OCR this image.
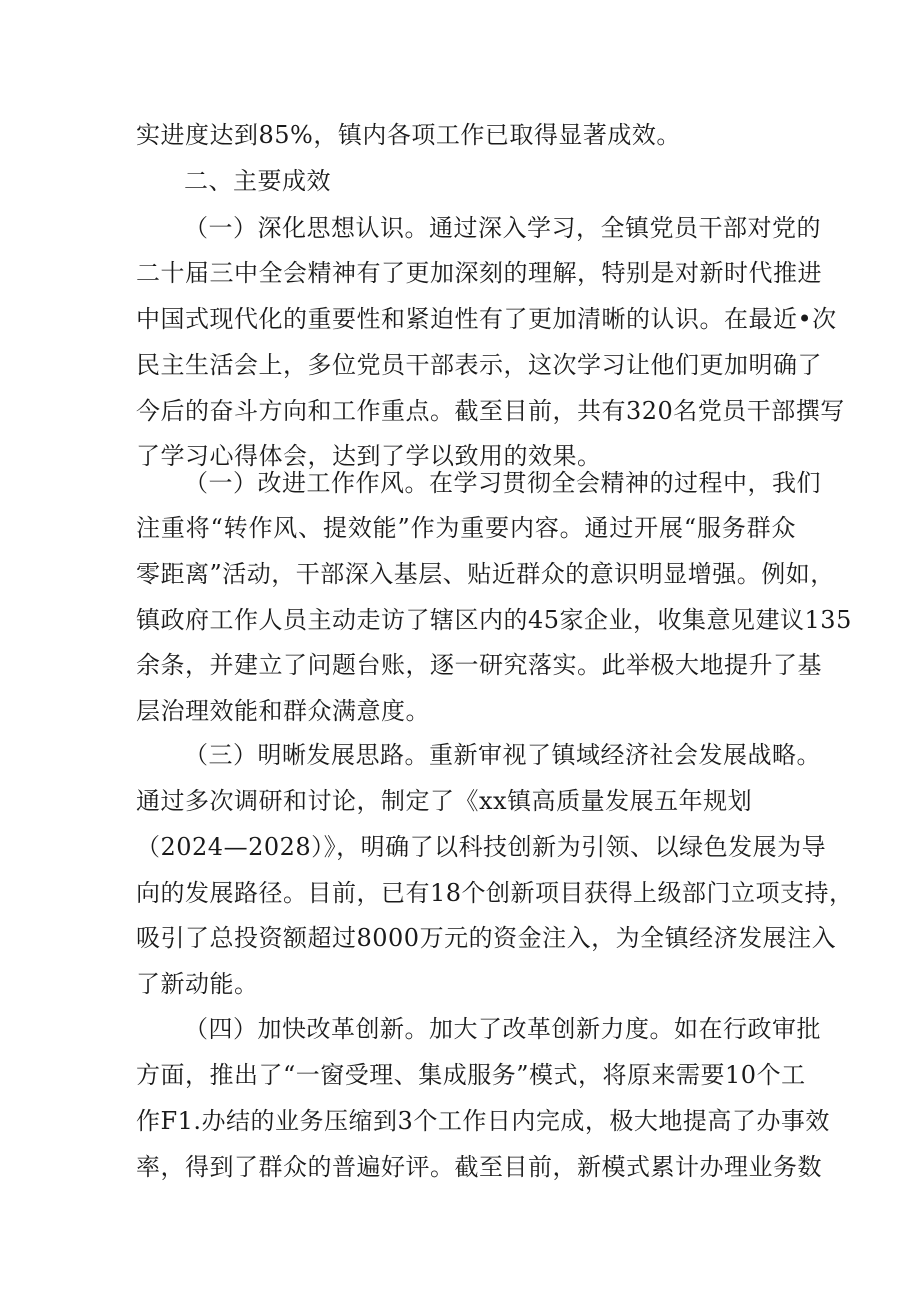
实进度达到85%，镇内各项工作已取得显著成效。
二、主要成效
（一）深化思想认识。通过深入学习，全镇党员干部对党的
二十届三中全会精神有了更加深刻的理解，特别是对新时代推进
中国式现代化的重要性和紧迫性有了更加清晰的认识。在最近•次
民主生活会上，多位党员干部表示，这次学习让他们更加明确了
今后的奋斗方向和工作重点。截至目前，共有320名党员干部撰写
了学习心得体会，达到了学以致用的效果。
（一）改进工作作风。在学习贯彻全会精神的过程中，我们
注重将“转作风、提效能”作为重要内容。通过开展“服务群众
零距离”活动，干部深入基层、贴近群众的意识明显增强。例如，
镇政府工作人员主动走访了辖区内的45家企业，收集意见建议135
余条，并建立了问题台账，逐一研究落实。此举极大地提升了基
层治理效能和群众满意度。
（三）明晰发展思路。重新审视了镇域经济社会发展战略。
通过多次调研和讨论，制定了《xx镇高质量发展五年规划
（2024—2028）》，明确了以科技创新为引领、以绿色发展为导
向的发展路径。目前，已有18个创新项目获得上级部门立项支持，
吸引了总投资额超过8000万元的资金注入，为全镇经济发展注入
了新动能。
（四）加快改革创新。加大了改革创新力度。如在行政审批
方面，推出了“一窗受理、集成服务”模式，将原来需要10个工
作F1.办结的业务压缩到3个工作日内完成，极大地提高了办事效
率，得到了群众的普遍好评。截至目前，新模式累计办理业务数
